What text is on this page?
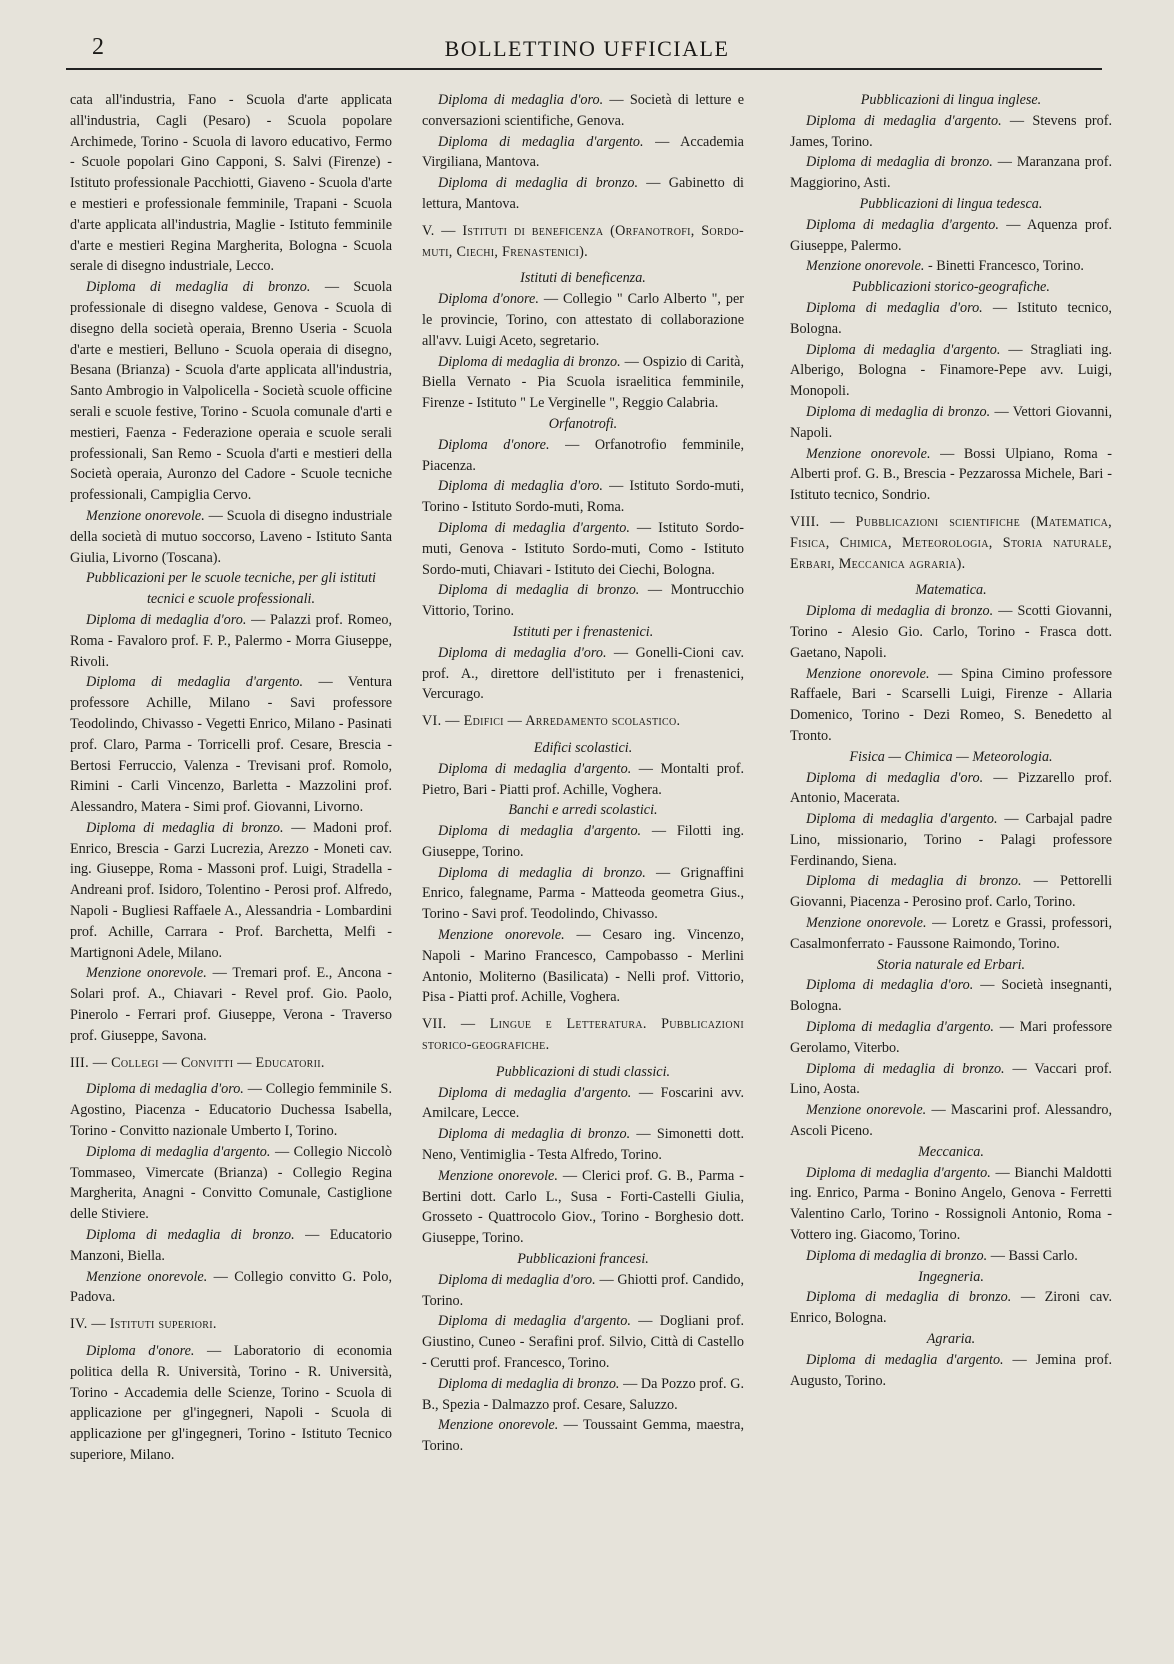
2	BOLLETTINO UFFICIALE

cata all'industria, Fano - Scuola d'arte applicata all'industria, Cagli (Pesaro) - Scuola popolare Archimede, Torino - Scuola di lavoro educativo, Fermo - Scuole popolari Gino Capponi, S. Salvi (Firenze) - Istituto professionale Pacchiotti, Giaveno - Scuola d'arte e mestieri e professionale femminile, Trapani - Scuola d'arte applicata all'industria, Maglie - Istituto femminile d'arte e mestieri Regina Margherita, Bologna - Scuola serale di disegno industriale, Lecco.

Diploma di medaglia di bronzo. — Scuola professionale di disegno valdese, Genova - Scuola di disegno della società operaia, Brenno Useria - Scuola d'arte e mestieri, Belluno - Scuola operaia di disegno, Besana (Brianza) - Scuola d'arte applicata all'industria, Santo Ambrogio in Valpolicella - Società scuole officine serali e scuole festive, Torino - Scuola comunale d'arti e mestieri, Faenza - Federazione operaia e scuole serali professionali, San Remo - Scuola d'arti e mestieri della Società operaia, Auronzo del Cadore - Scuole tecniche professionali, Campiglia Cervo.

Menzione onorevole. — Scuola di disegno industriale della società di mutuo soccorso, Laveno - Istituto Santa Giulia, Livorno (Toscana).

Pubblicazioni per le scuole tecniche, per gli istituti tecnici e scuole professionali.

Diploma di medaglia d'oro. — Palazzi prof. Romeo, Roma - Favaloro prof. F. P., Palermo - Morra Giuseppe, Rivoli.

Diploma di medaglia d'argento. — Ventura professore Achille, Milano - Savi professore Teodolindo, Chivasso - Vegetti Enrico, Milano - Pasinati prof. Claro, Parma - Torricelli prof. Cesare, Brescia - Bertosi Ferruccio, Valenza - Trevisani prof. Romolo, Rimini - Carli Vincenzo, Barletta - Mazzolini prof. Alessandro, Matera - Simi prof. Giovanni, Livorno.

Diploma di medaglia di bronzo. — Madoni prof. Enrico, Brescia - Garzi Lucrezia, Arezzo - Moneti cav. ing. Giuseppe, Roma - Massoni prof. Luigi, Stradella - Andreani prof. Isidoro, Tolentino - Perosi prof. Alfredo, Napoli - Bugliesi Raffaele A., Alessandria - Lombardini prof. Achille, Carrara - Prof. Barchetta, Melfi - Martignoni Adele, Milano.

Menzione onorevole. — Tremari prof. E., Ancona - Solari prof. A., Chiavari - Revel prof. Gio. Paolo, Pinerolo - Ferrari prof. Giuseppe, Verona - Traverso prof. Giuseppe, Savona.

III. — Collegi — Convitti — Educatorii.

Diploma di medaglia d'oro. — Collegio femminile S. Agostino, Piacenza - Educatorio Duchessa Isabella, Torino - Convitto nazionale Umberto I, Torino.

Diploma di medaglia d'argento. — Collegio Niccolò Tommaseo, Vimercate (Brianza) - Collegio Regina Margherita, Anagni - Convitto Comunale, Castiglione delle Stiviere.

Diploma di medaglia di bronzo. — Educatorio Manzoni, Biella.

Menzione onorevole. — Collegio convitto G. Polo, Padova.

IV. — Istituti superiori.

Diploma d'onore. — Laboratorio di economia politica della R. Università, Torino - R. Università, Torino - Accademia delle Scienze, Torino - Scuola di applicazione per gl'ingegneri, Napoli - Scuola di applicazione per gl'ingegneri, Torino - Istituto Tecnico superiore, Milano.

Diploma di medaglia d'oro. — Società di letture e conversazioni scientifiche, Genova.

Diploma di medaglia d'argento. — Accademia Virgiliana, Mantova.

Diploma di medaglia di bronzo. — Gabinetto di lettura, Mantova.

V. — Istituti di beneficenza (Orfanotrofi, Sordo-muti, Ciechi, Frenastenici).

Istituti di beneficenza.

Diploma d'onore. — Collegio " Carlo Alberto ", per le provincie, Torino, con attestato di collaborazione all'avv. Luigi Aceto, segretario.

Diploma di medaglia di bronzo. — Ospizio di Carità, Biella Vernato - Pia Scuola israelitica femminile, Firenze - Istituto " Le Verginelle ", Reggio Calabria.

Orfanotrofi.

Diploma d'onore. — Orfanotrofio femminile, Piacenza.

Diploma di medaglia d'oro. — Istituto Sordo-muti, Torino - Istituto Sordo-muti, Roma.

Diploma di medaglia d'argento. — Istituto Sordo-muti, Genova - Istituto Sordo-muti, Como - Istituto Sordo-muti, Chiavari - Istituto dei Ciechi, Bologna.

Diploma di medaglia di bronzo. — Montrucchio Vittorio, Torino.

Istituti per i frenastenici.

Diploma di medaglia d'oro. — Gonelli-Cioni cav. prof. A., direttore dell'istituto per i frenastenici, Vercurago.

VI. — Edifici — Arredamento scolastico.

Edifici scolastici.

Diploma di medaglia d'argento. — Montalti prof. Pietro, Bari - Piatti prof. Achille, Voghera.

Banchi e arredi scolastici.

Diploma di medaglia d'argento. — Filotti ing. Giuseppe, Torino.

Diploma di medaglia di bronzo. — Grignaffini Enrico, falegname, Parma - Matteoda geometra Gius., Torino - Savi prof. Teodolindo, Chivasso.

Menzione onorevole. — Cesaro ing. Vincenzo, Napoli - Marino Francesco, Campobasso - Merlini Antonio, Moliterno (Basilicata) - Nelli prof. Vittorio, Pisa - Piatti prof. Achille, Voghera.

VII. — Lingue e Letteratura. Pubblicazioni storico-geografiche.

Pubblicazioni di studi classici.

Diploma di medaglia d'argento. — Foscarini avv. Amilcare, Lecce.

Diploma di medaglia di bronzo. — Simonetti dott. Neno, Ventimiglia - Testa Alfredo, Torino.

Menzione onorevole. — Clerici prof. G. B., Parma - Bertini dott. Carlo L., Susa - Forti-Castelli Giulia, Grosseto - Quattrocolo Giov., Torino - Borghesio dott. Giuseppe, Torino.

Pubblicazioni francesi.

Diploma di medaglia d'oro. — Ghiotti prof. Candido, Torino.

Diploma di medaglia d'argento. — Dogliani prof. Giustino, Cuneo - Serafini prof. Silvio, Città di Castello - Cerutti prof. Francesco, Torino.

Diploma di medaglia di bronzo. — Da Pozzo prof. G. B., Spezia - Dalmazzo prof. Cesare, Saluzzo.

Menzione onorevole. — Toussaint Gemma, maestra, Torino.

Pubblicazioni di lingua inglese.

Diploma di medaglia d'argento. — Stevens prof. James, Torino.

Diploma di medaglia di bronzo. — Maranzana prof. Maggiorino, Asti.

Pubblicazioni di lingua tedesca.

Diploma di medaglia d'argento. — Aquenza prof. Giuseppe, Palermo.

Menzione onorevole. - Binetti Francesco, Torino.

Pubblicazioni storico-geografiche.

Diploma di medaglia d'oro. — Istituto tecnico, Bologna.

Diploma di medaglia d'argento. — Stragliati ing. Alberigo, Bologna - Finamore-Pepe avv. Luigi, Monopoli.

Diploma di medaglia di bronzo. — Vettori Giovanni, Napoli.

Menzione onorevole. — Bossi Ulpiano, Roma - Alberti prof. G. B., Brescia - Pezzarossa Michele, Bari - Istituto tecnico, Sondrio.

VIII. — Pubblicazioni scientifiche (Matematica, Fisica, Chimica, Meteorologia, Storia naturale, Erbari, Meccanica agraria).

Matematica.

Diploma di medaglia di bronzo. — Scotti Giovanni, Torino - Alesio Gio. Carlo, Torino - Frasca dott. Gaetano, Napoli.

Menzione onorevole. — Spina Cimino professore Raffaele, Bari - Scarselli Luigi, Firenze - Allaria Domenico, Torino - Dezi Romeo, S. Benedetto al Tronto.

Fisica — Chimica — Meteorologia.

Diploma di medaglia d'oro. — Pizzarello prof. Antonio, Macerata.

Diploma di medaglia d'argento. — Carbajal padre Lino, missionario, Torino - Palagi professore Ferdinando, Siena.

Diploma di medaglia di bronzo. — Pettorelli Giovanni, Piacenza - Perosino prof. Carlo, Torino.

Menzione onorevole. — Loretz e Grassi, professori, Casalmonferrato - Faussone Raimondo, Torino.

Storia naturale ed Erbari.

Diploma di medaglia d'oro. — Società insegnanti, Bologna.

Diploma di medaglia d'argento. — Mari professore Gerolamo, Viterbo.

Diploma di medaglia di bronzo. — Vaccari prof. Lino, Aosta.

Menzione onorevole. — Mascarini prof. Alessandro, Ascoli Piceno.

Meccanica.

Diploma di medaglia d'argento. — Bianchi Maldotti ing. Enrico, Parma - Bonino Angelo, Genova - Ferretti Valentino Carlo, Torino - Rossignoli Antonio, Roma - Vottero ing. Giacomo, Torino.

Diploma di medaglia di bronzo. — Bassi Carlo.

Ingegneria.

Diploma di medaglia di bronzo. — Zironi cav. Enrico, Bologna.

Agraria.

Diploma di medaglia d'argento. — Jemina prof. Augusto, Torino.
